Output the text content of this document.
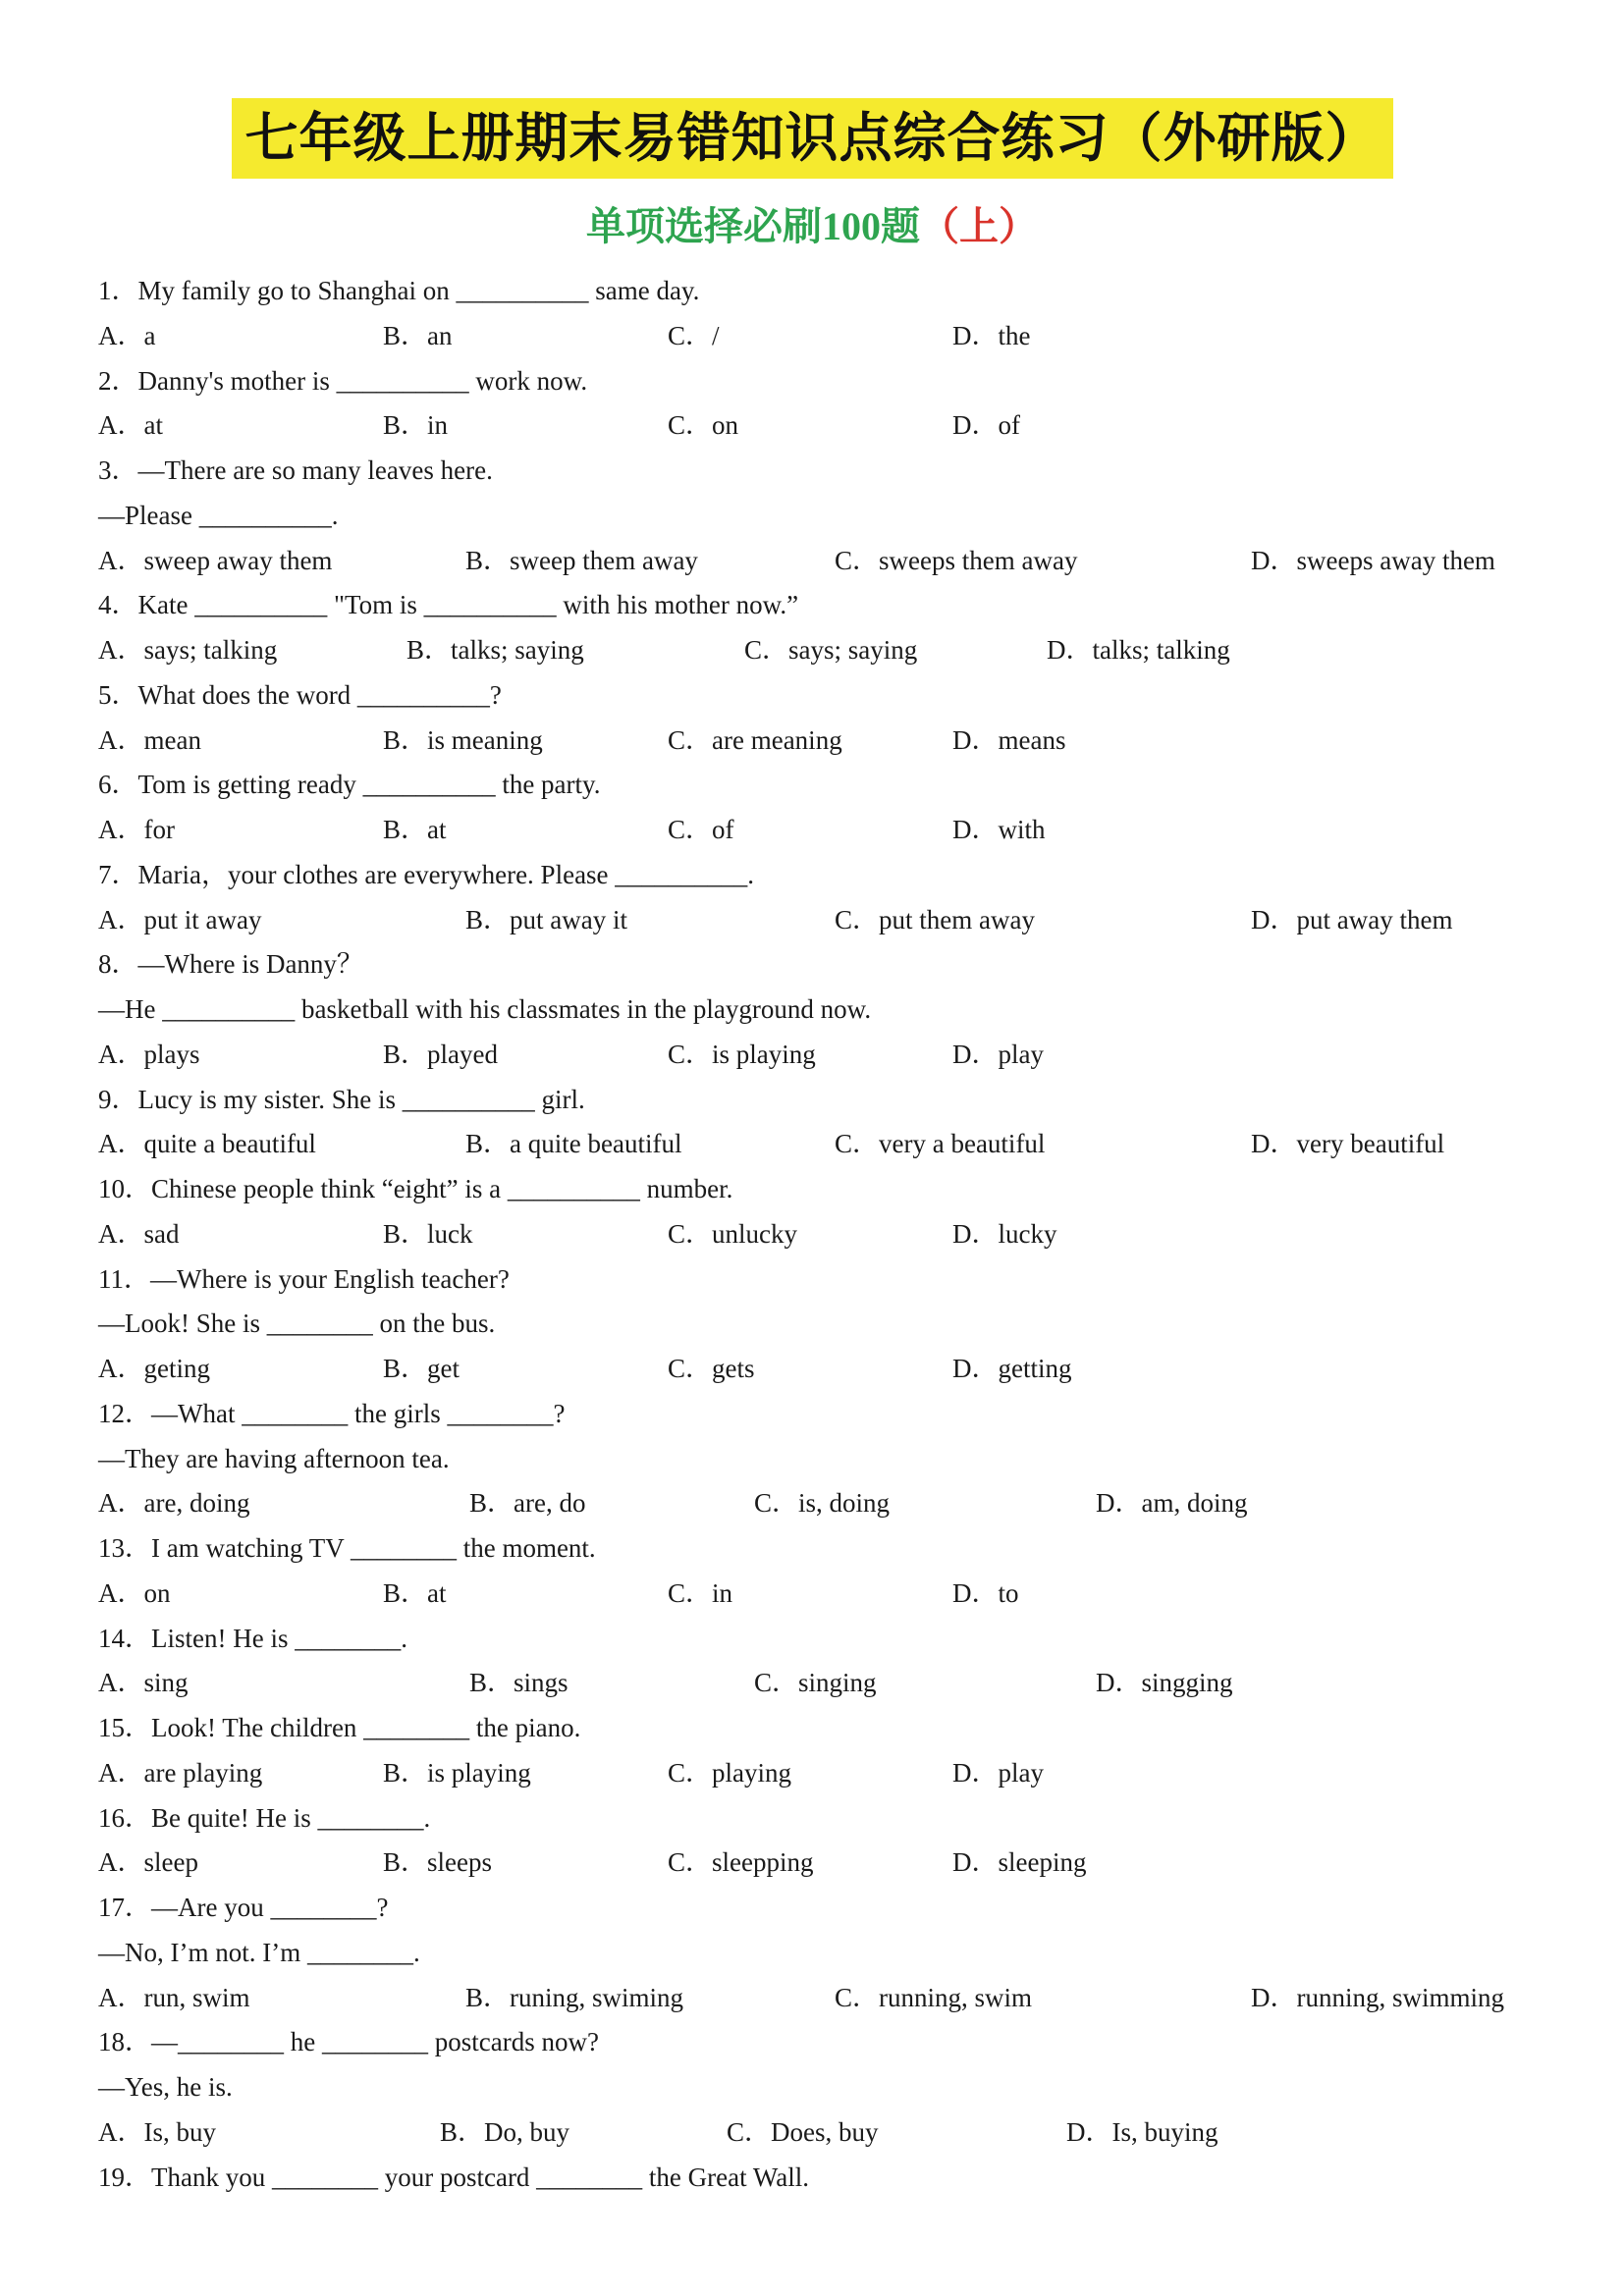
七年级上册期末易错知识点综合练习（外研版）
单项选择必刷100题（上）
1．My family go to Shanghai on __________ same day.
A．a	B．an	C．/	D．the
2．Danny's mother is __________ work now.
A．at	B．in	C．on	D．of
3．—There are so many leaves here.
—Please __________.
A．sweep away them	B．sweep them away	C．sweeps them away	D．sweeps away them
4．Kate __________ "Tom is __________ with his mother now.”
A．says; talking	B．talks; saying	C．says; saying	D．talks; talking
5．What does the word __________?
A．mean	B．is meaning	C．are meaning	D．means
6．Tom is getting ready __________ the party.
A．for	B．at	C．of	D．with
7．Maria，your clothes are everywhere. Please __________.
A．put it away	B．put away it	C．put them away	D．put away them
8．—Where is Danny？
—He __________ basketball with his classmates in the playground now.
A．plays	B．played	C．is playing	D．play
9．Lucy is my sister. She is __________ girl.
A．quite a beautiful	B．a quite beautiful	C．very a beautiful	D．very beautiful
10．Chinese people think “eight” is a __________ number.
A．sad	B．luck	C．unlucky	D．lucky
11．—Where is your English teacher?
—Look! She is ________ on the bus.
A．geting	B．get	C．gets	D．getting
12．—What ________ the girls ________?
—They are having afternoon tea.
A．are, doing	B．are, do	C．is, doing	D．am, doing
13．I am watching TV ________ the moment.
A．on	B．at	C．in	D．to
14．Listen! He is ________.
A．sing	B．sings	C．singing	D．singging
15．Look! The children ________ the piano.
A．are playing	B．is playing	C．playing	D．play
16．Be quite! He is ________.
A．sleep	B．sleeps	C．sleepping	D．sleeping
17．—Are you ________?
—No, I’m not. I’m ________.
A．run, swim	B．runing, swiming	C．running, swim	D．running, swimming
18．—________ he ________ postcards now?
—Yes, he is.
A．Is, buy	B．Do, buy	C．Does, buy	D．Is, buying
19．Thank you ________ your postcard ________ the Great Wall.
